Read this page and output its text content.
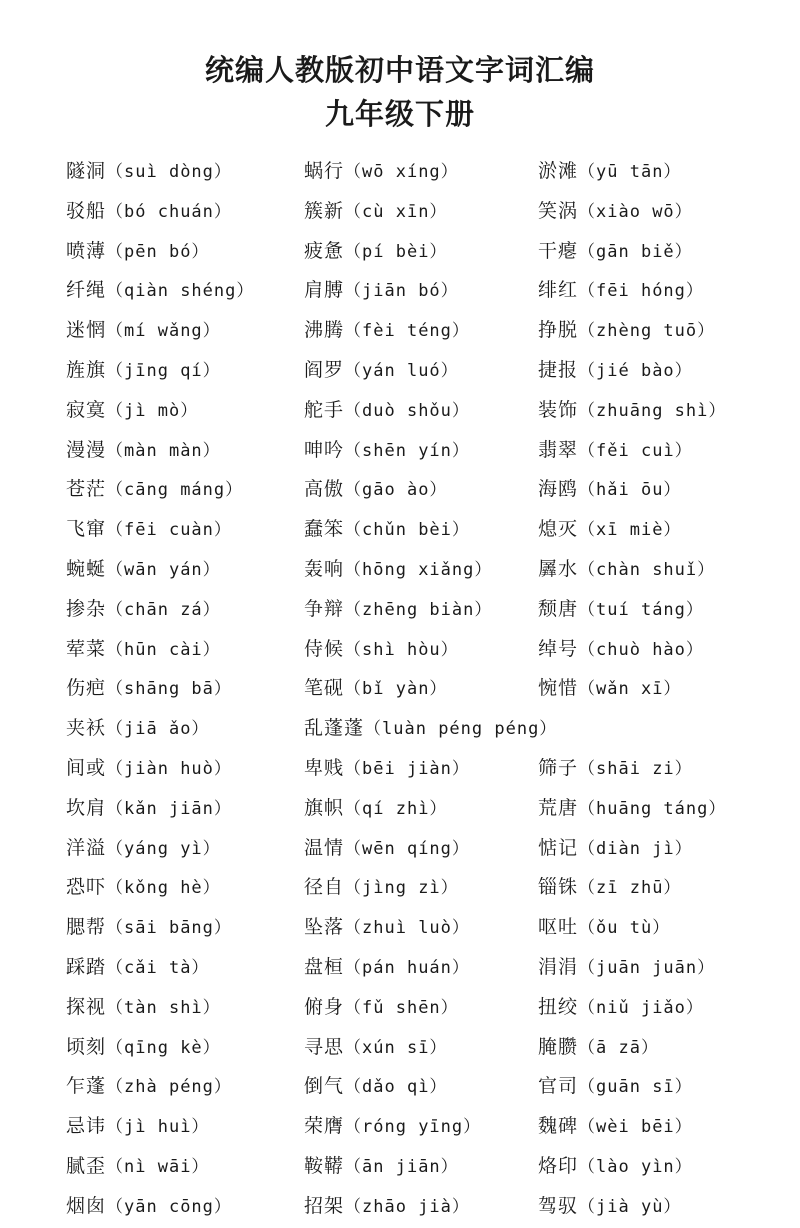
统编人教版初中语文字词汇编
九年级下册
隧洞（suì dòng）	蜗行（wō xíng）	淤滩（yū tān）
驳船（bó chuán）	簇新（cù xīn）	笑涡（xiào wō）
喷薄（pēn bó）	疲惫（pí bèi）	干瘪（gān biě）
纤绳（qiàn shéng）	肩膊（jiān bó）	绯红（fēi hóng）
迷惘（mí wǎng）	沸腾（fèi téng）	挣脱（zhèng tuō）
旌旗（jīng qí）	阎罗（yán luó）	捷报（jié bào）
寂寞（jì mò）	舵手（duò shǒu）	装饰（zhuāng shì）
漫漫（màn màn）	呻吟（shēn yín）	翡翠（fěi cuì）
苍茫（cāng máng）	高傲（gāo ào）	海鸥（hǎi ōu）
飞窜（fēi cuàn）	蠢笨（chǔn bèi）	熄灭（xī miè）
蜿蜒（wān yán）	轰响（hōng xiǎng） 羼水（chàn shuǐ）
掺杂（chān zá）	争辩（zhēng biàn） 颓唐（tuí táng）
荤菜（hūn cài）	侍候（shì hòu）	绰号（chuò hào）
伤疤（shāng bā）	笔砚（bǐ yàn）	惋惜（wǎn xī）
夹袄（jiā ǎo）	乱蓬蓬（luàn péng péng）
间或（jiàn huò）	卑贱（bēi jiàn）	筛子（shāi zi）
坎肩（kǎn jiān）	旗帜（qí zhì）	荒唐（huāng táng）
洋溢（yáng yì）	温情（wēn qíng）	惦记（diàn jì）
恐吓（kǒng hè）	径自（jìng zì）	锱铢（zī zhū）
腮帮（sāi bāng）	坠落（zhuì luò）	呕吐（ǒu tù）
踩踏（cǎi tà）	盘桓（pán huán）	涓涓（juān juān）
探视（tàn shì）	俯身（fǔ shēn）	扭绞（niǔ jiǎo）
顷刻（qīng kè）	寻思（xún sī）	腌臜（ā zā）
乍蓬（zhà péng）	倒气（dǎo qì）	官司（guān sī）
忌讳（jì huì）	荣膺（róng yīng）	魏碑（wèi bēi）
腻歪（nì wāi）	鞍鞯（ān jiān）	烙印（lào yìn）
烟囱（yān cōng）	招架（zhāo jià）	驾驭（jià yù）
